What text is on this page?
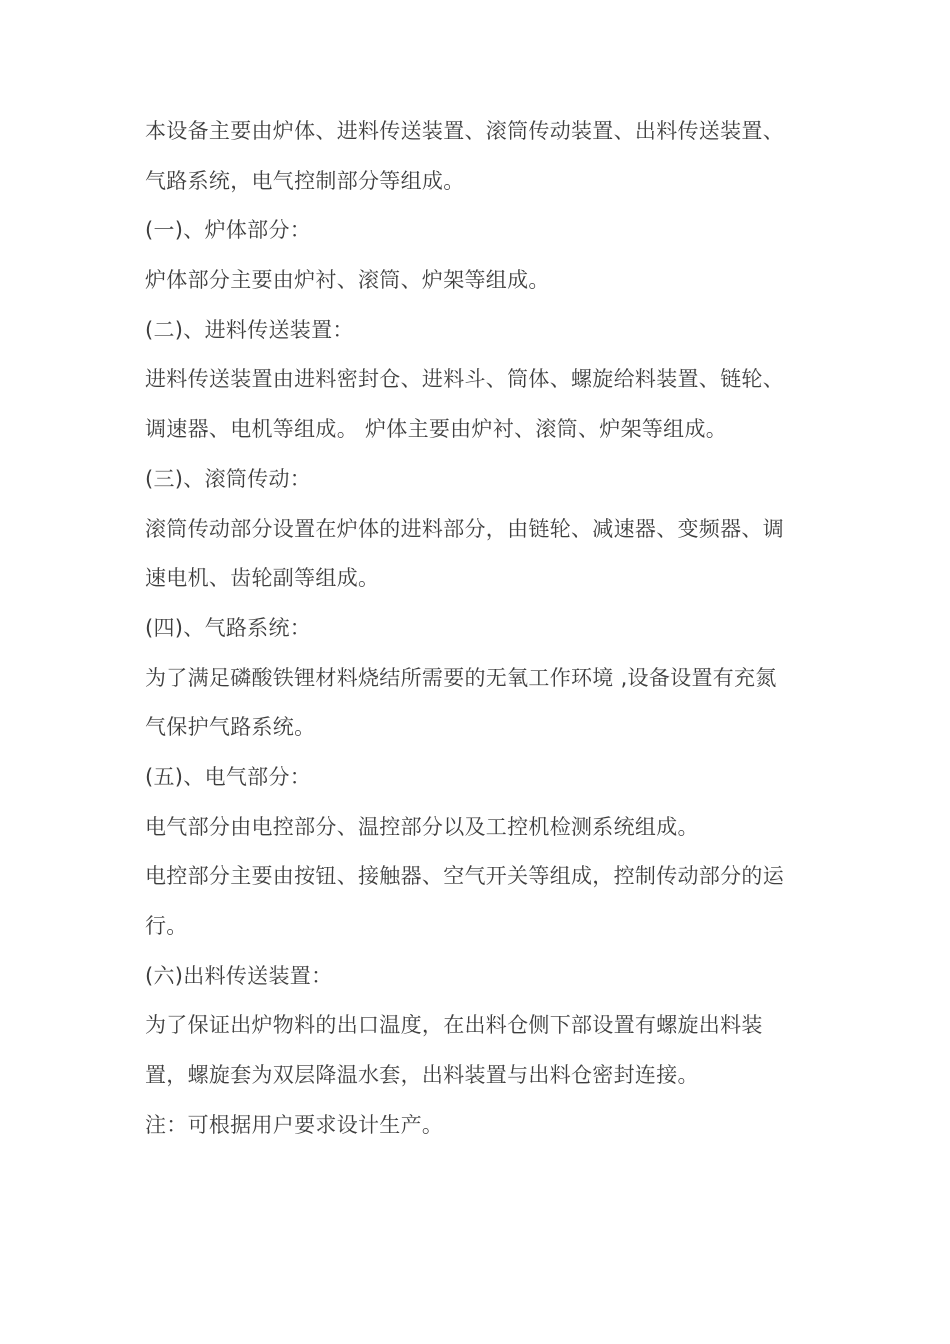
本设备主要由炉体、进料传送装置、滚筒传动装置、出料传送装置、
气路系统，电气控制部分等组成。
(一)、炉体部分：
炉体部分主要由炉衬、滚筒、炉架等组成。
(二)、进料传送装置：
进料传送装置由进料密封仓、进料斗、筒体、螺旋给料装置、链轮、
调速器、电机等组成。 炉体主要由炉衬、滚筒、炉架等组成。
(三)、滚筒传动：
滚筒传动部分设置在炉体的进料部分，由链轮、减速器、变频器、调
速电机、齿轮副等组成。
(四)、气路系统：
为了满足磷酸铁锂材料烧结所需要的无氧工作环境 ,设备设置有充氮
气保护气路系统。
(五)、电气部分：
电气部分由电控部分、温控部分以及工控机检测系统组成。
电控部分主要由按钮、接触器、空气开关等组成，控制传动部分的运
行。
(六)出料传送装置：
为了保证出炉物料的出口温度，在出料仓侧下部设置有螺旋出料装
置，螺旋套为双层降温水套，出料装置与出料仓密封连接。
注：可根据用户要求设计生产。
